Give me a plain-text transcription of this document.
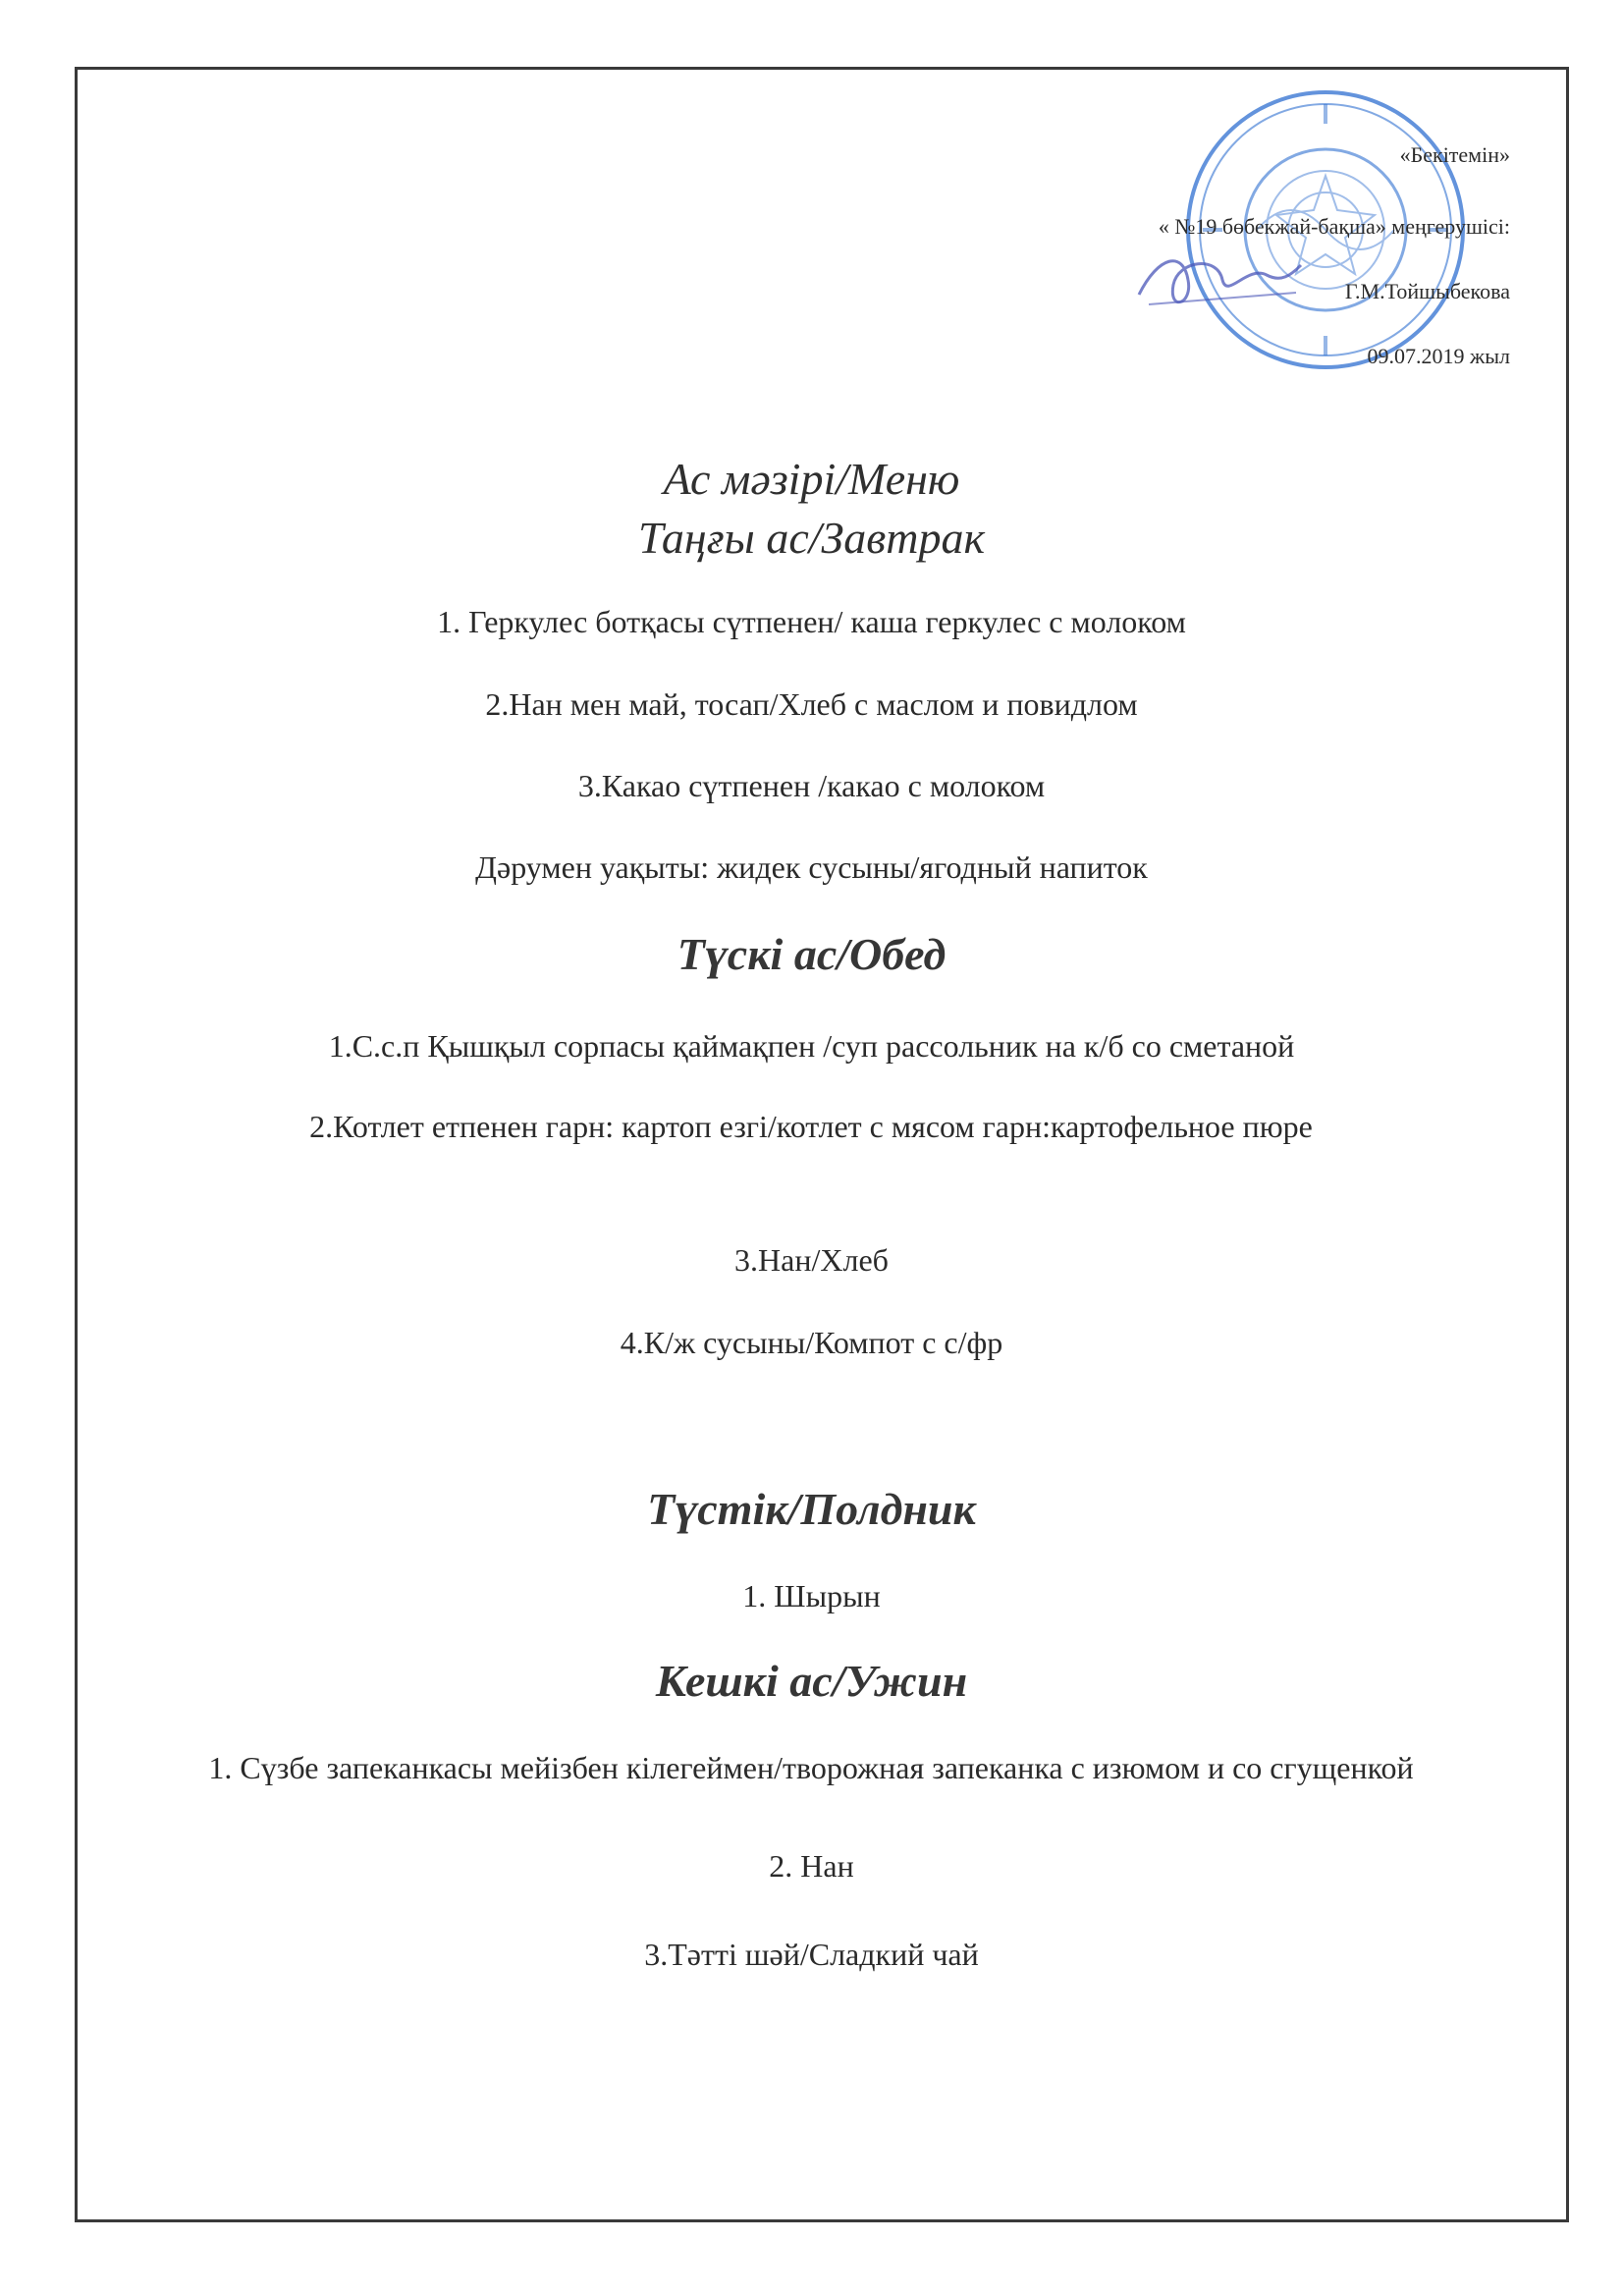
«Бекітемін»
« №19 бөбекжай-бақша» меңгерушісі:
Г.М.Тойшыбекова
09.07.2019 жыл
Ас мәзірі/Меню
Таңғы ас/Завтрак
1. Геркулес ботқасы сүтпенен/ каша геркулес с молоком
2.Нан мен май, тосап/Хлеб с маслом и повидлом
3.Какао сүтпенен /какао с молоком
Дәрумен уақыты: жидек сусыны/ягодный напиток
Түскі ас/Обед
1.С.с.п Қышқыл сорпасы қаймақпен /суп рассольник на к/б со сметаной
2.Котлет етпенен гарн: картоп езгі/котлет с мясом гарн:картофельное пюре
3.Нан/Хлеб
4.К/ж сусыны/Компот с с/фр
Түстік/Полдник
1. Шырын
Кешкі ас/Ужин
1. Сүзбе запеканкасы мейізбен кілегеймен/творожная запеканка с изюмом и со сгущенкой
2. Нан
3.Тәтті шәй/Сладкий чай
